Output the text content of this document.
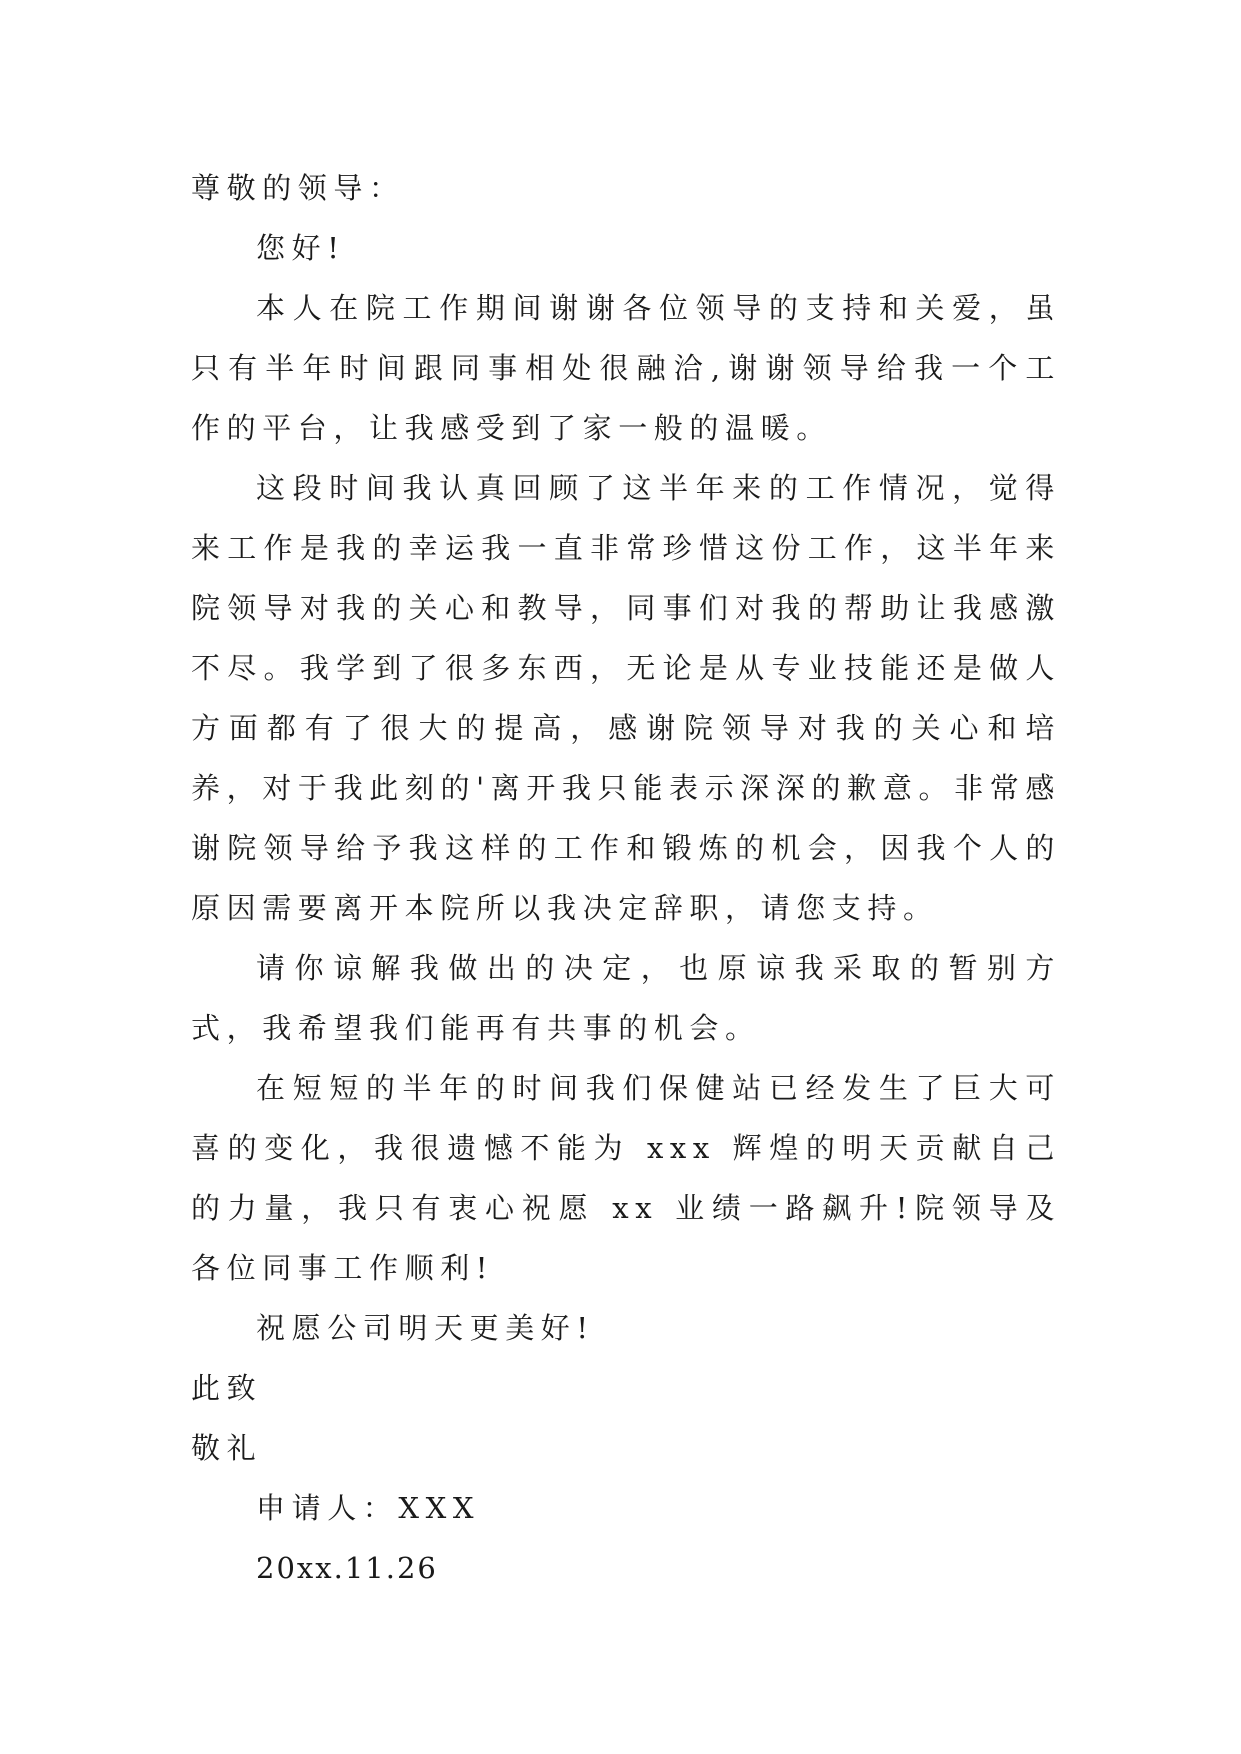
尊敬的领导：

您好!

本人在院工作期间谢谢各位领导的支持和关爱，虽只有半年时间跟同事相处很融洽,谢谢领导给我一个工作的平台，让我感受到了家一般的温暖。

这段时间我认真回顾了这半年来的工作情况，觉得来工作是我的幸运我一直非常珍惜这份工作，这半年来院领导对我的关心和教导，同事们对我的帮助让我感激不尽。我学到了很多东西，无论是从专业技能还是做人方面都有了很大的提高，感谢院领导对我的关心和培养，对于我此刻的'离开我只能表示深深的歉意。非常感谢院领导给予我这样的工作和锻炼的机会，因我个人的原因需要离开本院所以我决定辞职，请您支持。

请你谅解我做出的决定，也原谅我采取的暂别方式，我希望我们能再有共事的机会。

在短短的半年的时间我们保健站已经发生了巨大可喜的变化，我很遗憾不能为 xxx 辉煌的明天贡献自己的力量，我只有衷心祝愿 xx 业绩一路飙升!院领导及各位同事工作顺利!

祝愿公司明天更美好!

此致

敬礼

申请人：XXX

20xx.11.26
